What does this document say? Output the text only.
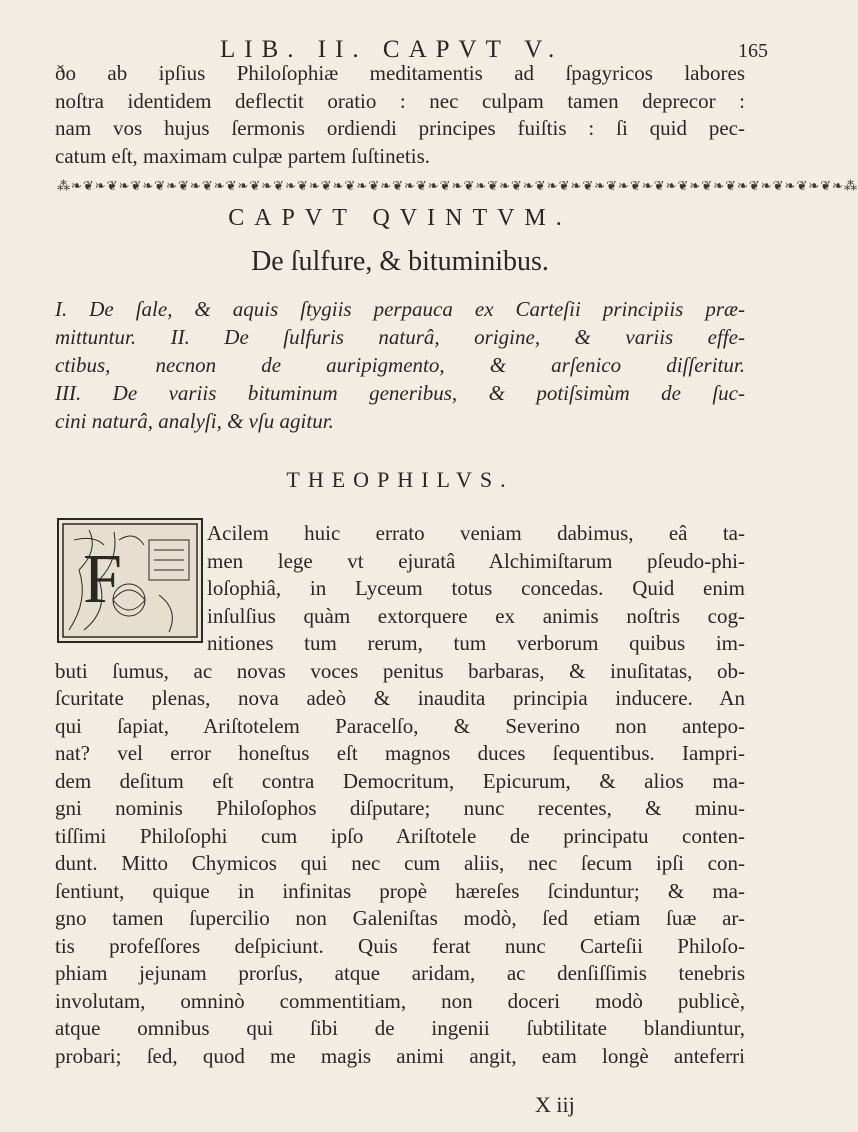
LIB. II. CAPVT V.	165
ðo ab ipſius Philoſophiæ meditamentis ad ſpagyricos labores
noſtra identidem deflectit oratio : nec culpam tamen deprecor :
nam vos hujus ſermonis ordiendi principes fuiſtis : ſi quid pec-
catum eſt, maximam culpæ partem ſuſtinetis.
⁂❧❦❧❦❧❦❧❦❧❦❧❦❧❦❧❦❧❦❧❦❧❦❧❦❧❦❧❦❧❦❧❦❧❦❧❦❧❦❧❦❧❦❧❦❧❦❧❦❧❦❧❦❧❦❧❦❧❦❧❦❧❦❧❦❧⁂
CAPVT QVINTVM.
De ſulfure, & bituminibus.
I. De ſale, & aquis ſtygiis perpauca ex Carteſii principiis præ-
mittuntur. II. De ſulfuris naturâ, origine, & variis effe-
ctibus, necnon de auripigmento, & arſenico diſſeritur.
III. De variis bituminum generibus, & potiſsimùm de ſuc-
cini naturâ, analyſi, & vſu agitur.
THEOPHILVS.
F
Acilem huic errato veniam dabimus, eâ ta-
men lege vt ejuratâ Alchimiſtarum pſeudo-phi-
loſophiâ, in Lyceum totus concedas. Quid enim
inſulſius quàm extorquere ex animis noſtris cog-
nitiones tum rerum, tum verborum quibus im-
buti ſumus, ac novas voces penitus barbaras, & inuſitatas, ob-
ſcuritate plenas, nova adeò & inaudita principia inducere. An
qui ſapiat, Ariſtotelem Paracelſo, & Severino non antepo-
nat? vel error honeſtus eſt magnos duces ſequentibus. Iampri-
dem deſitum eſt contra Democritum, Epicurum, & alios ma-
gni nominis Philoſophos diſputare; nunc recentes, & minu-
tiſſimi Philoſophi cum ipſo Ariſtotele de principatu conten-
dunt. Mitto Chymicos qui nec cum aliis, nec ſecum ipſi con-
ſentiunt, quique in infinitas propè hæreſes ſcinduntur; & ma-
gno tamen ſupercilio non Galeniſtas modò, ſed etiam ſuæ ar-
tis profeſſores deſpiciunt. Quis ferat nunc Carteſii Philoſo-
phiam jejunam prorſus, atque aridam, ac denſiſſimis tenebris
involutam, omninò commentitiam, non doceri modò publicè,
atque omnibus qui ſibi de ingenii ſubtilitate blandiuntur,
probari; ſed, quod me magis animi angit, eam longè anteferri
X iij
